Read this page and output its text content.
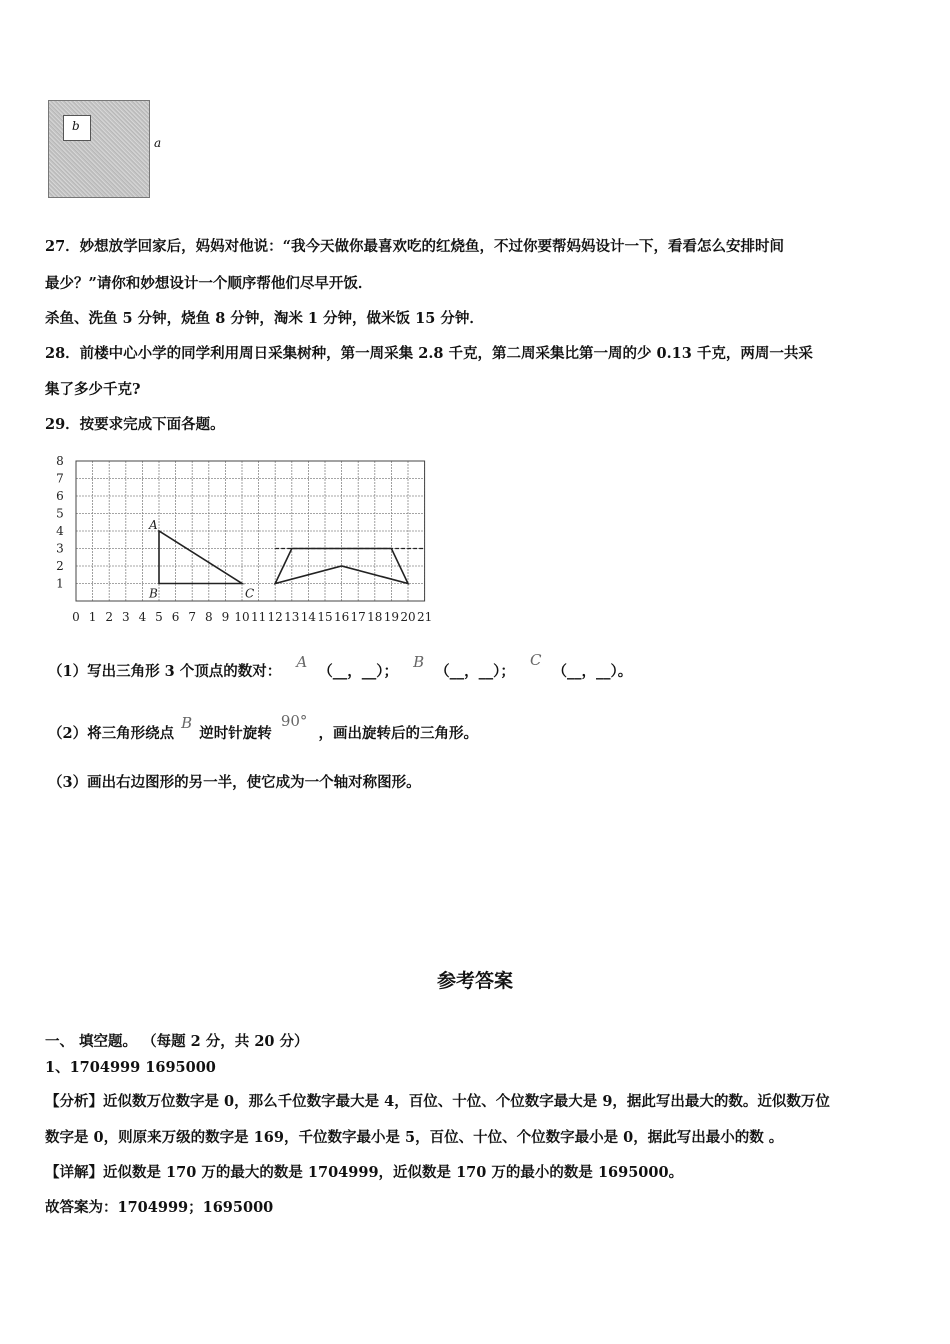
b
a
27．妙想放学回家后，妈妈对他说：“我今天做你最喜欢吃的红烧鱼，不过你要帮妈妈设计一下，看看怎么安排时间
最少？”请你和妙想设计一个顺序帮他们尽早开饭．
杀鱼、洗鱼 5 分钟，烧鱼 8 分钟，淘米 1 分钟，做米饭 15 分钟．
28．前楼中心小学的同学利用周日采集树种，第一周采集 2.8 千克，第二周采集比第一周的少 0.13 千克，两周一共采
集了多少千克?
29．按要求完成下面各题。
0 1 2 3 4 5 6 7 8 9 10 11 12 13 14 15 16 17 18 19 20 21
1
2
3
4
5
6
7
8
A
B	C
（1）写出三角形 3 个顶点的数对： A （__，__）； B （__，__）； C （__，__）。
（2）将三角形绕点 B 逆时针旋转 90° ，画出旋转后的三角形。
（3）画出右边图形的另一半，使它成为一个轴对称图形。
参考答案
一、 填空题。 （每题 2 分，共 20 分）
1、1704999 1695000
【分析】近似数万位数字是 0，那么千位数字最大是 4，百位、十位、个位数字最大是 9，据此写出最大的数。近似数万位
数字是 0，则原来万级的数字是 169，千位数字最小是 5，百位、十位、个位数字最小是 0，据此写出最小的数 。
【详解】近似数是 170 万的最大的数是 1704999，近似数是 170 万的最小的数是 1695000。
故答案为：1704999；1695000
